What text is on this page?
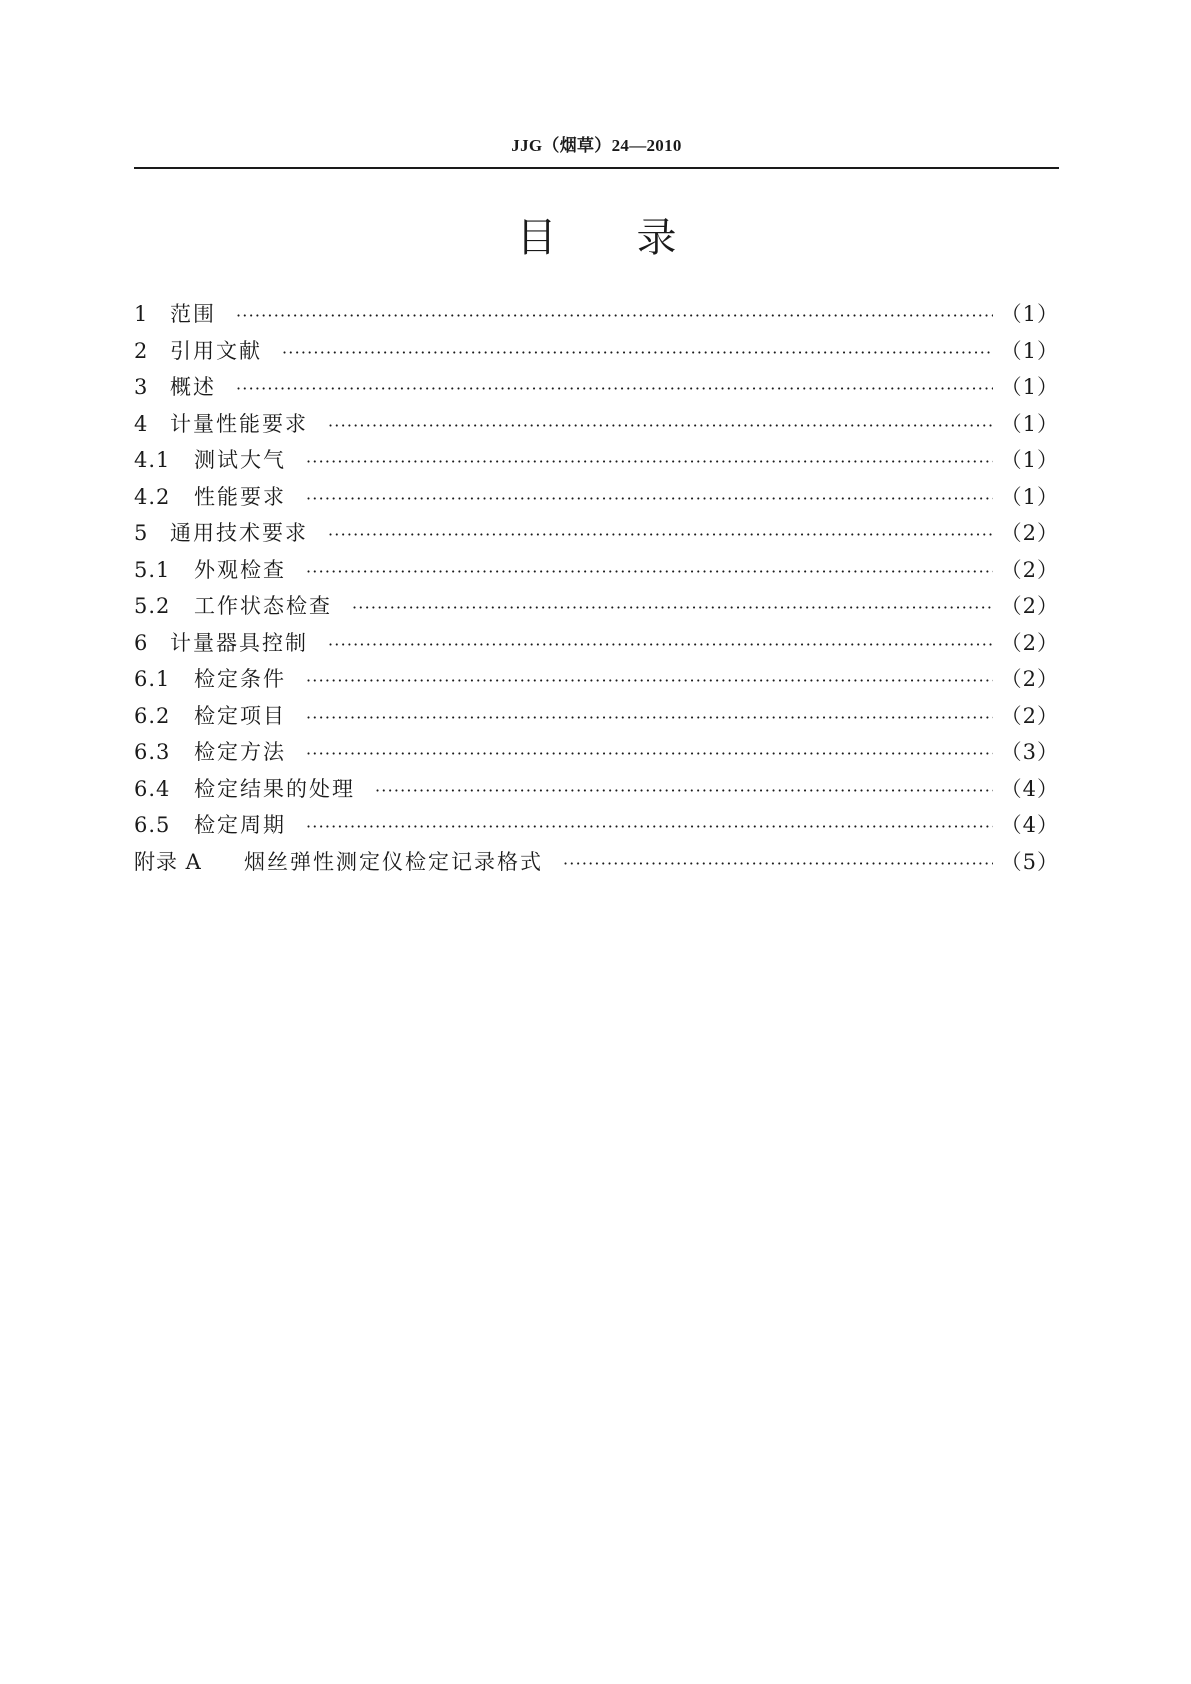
JJG（烟草）24—2010
目 录
1	范围 ·····	（1）
2	引用文献 ·····	（1）
3	概述 ·····	（1）
4	计量性能要求 ·····	（1）
4.1	测试大气 ·····	（1）
4.2	性能要求 ·····	（1）
5	通用技术要求 ·····	（2）
5.1	外观检查 ·····	（2）
5.2	工作状态检查 ·····	（2）
6	计量器具控制 ·····	（2）
6.1	检定条件 ·····	（2）
6.2	检定项目 ·····	（2）
6.3	检定方法 ·····	（3）
6.4	检定结果的处理 ·····	（4）
6.5	检定周期 ·····	（4）
附录 A	烟丝弹性测定仪检定记录格式 ·····	（5）
